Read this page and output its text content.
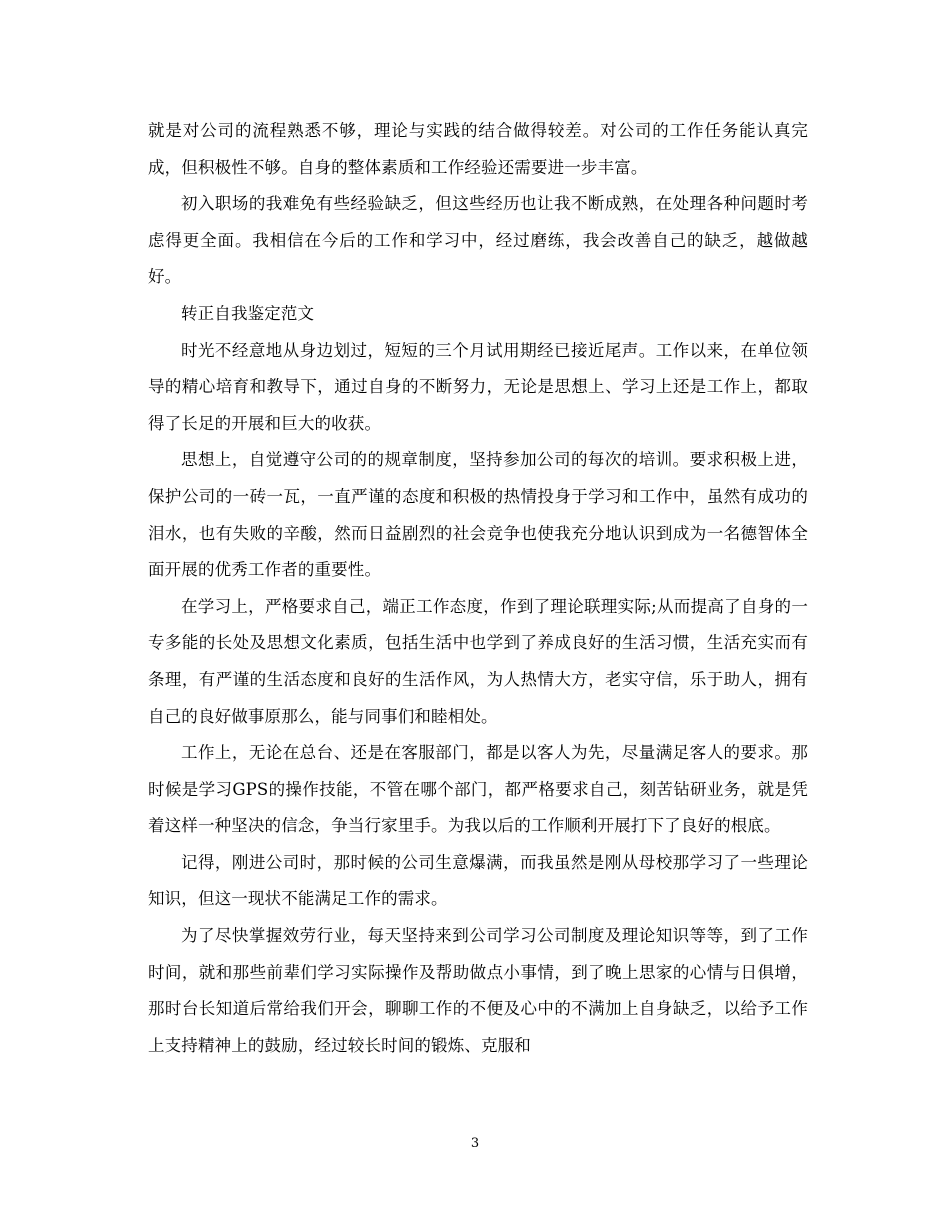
就是对公司的流程熟悉不够，理论与实践的结合做得较差。对公司的工作任务能认真完成，但积极性不够。自身的整体素质和工作经验还需要进一步丰富。

初入职场的我难免有些经验缺乏，但这些经历也让我不断成熟，在处理各种问题时考虑得更全面。我相信在今后的工作和学习中，经过磨练，我会改善自己的缺乏，越做越好。

转正自我鉴定范文

时光不经意地从身边划过，短短的三个月试用期经已接近尾声。工作以来，在单位领导的精心培育和教导下，通过自身的不断努力，无论是思想上、学习上还是工作上，都取得了长足的开展和巨大的收获。

思想上，自觉遵守公司的的规章制度，坚持参加公司的每次的培训。要求积极上进，保护公司的一砖一瓦，一直严谨的态度和积极的热情投身于学习和工作中，虽然有成功的泪水，也有失败的辛酸，然而日益剧烈的社会竞争也使我充分地认识到成为一名德智体全面开展的优秀工作者的重要性。

在学习上，严格要求自己，端正工作态度，作到了理论联理实际;从而提高了自身的一专多能的长处及思想文化素质，包括生活中也学到了养成良好的生活习惯，生活充实而有条理，有严谨的生活态度和良好的生活作风，为人热情大方，老实守信，乐于助人，拥有自己的良好做事原那么，能与同事们和睦相处。

工作上，无论在总台、还是在客服部门，都是以客人为先，尽量满足客人的要求。那时候是学习GPS的操作技能，不管在哪个部门，都严格要求自己，刻苦钻研业务，就是凭着这样一种坚决的信念，争当行家里手。为我以后的工作顺利开展打下了良好的根底。

记得，刚进公司时，那时候的公司生意爆满，而我虽然是刚从母校那学习了一些理论知识，但这一现状不能满足工作的需求。

为了尽快掌握效劳行业，每天坚持来到公司学习公司制度及理论知识等等，到了工作时间，就和那些前辈们学习实际操作及帮助做点小事情，到了晚上思家的心情与日俱增，那时台长知道后常给我们开会，聊聊工作的不便及心中的不满加上自身缺乏，以给予工作上支持精神上的鼓励，经过较长时间的锻炼、克服和

3
